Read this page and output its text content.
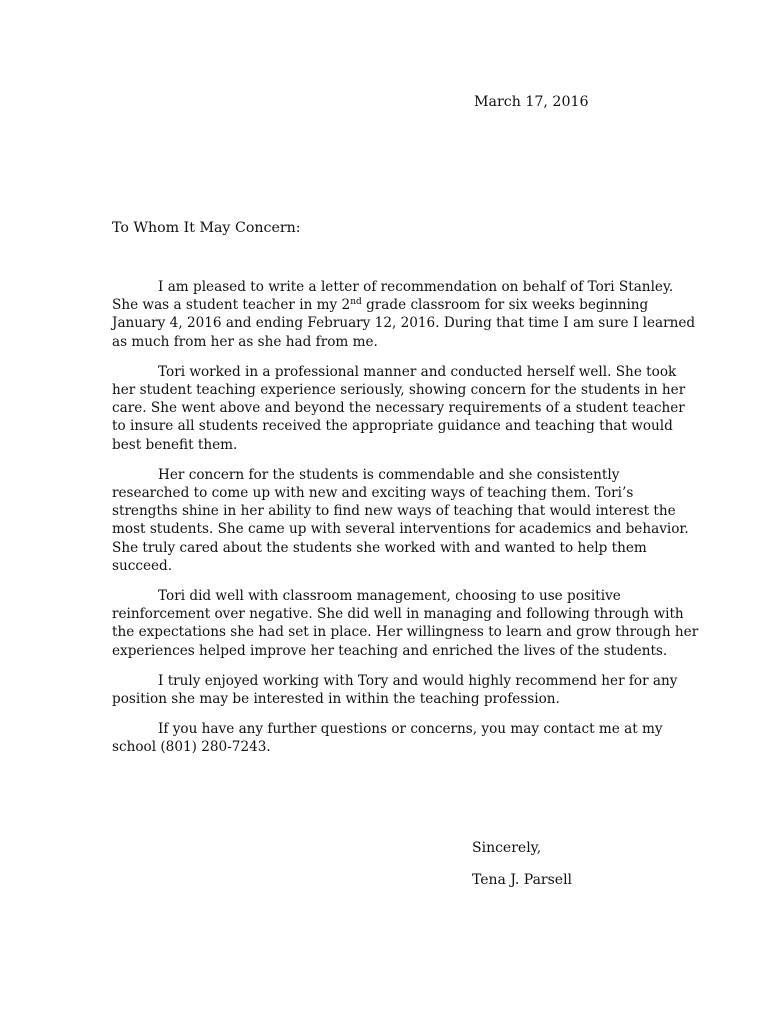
March 17, 2016
To Whom It May Concern:

I am pleased to write a letter of recommendation on behalf of Tori Stanley.
She was a student teacher in my 2nd grade classroom for six weeks beginning
January 4, 2016 and ending February 12, 2016. During that time I am sure I learned
as much from her as she had from me.

Tori worked in a professional manner and conducted herself well. She took
her student teaching experience seriously, showing concern for the students in her
care. She went above and beyond the necessary requirements of a student teacher
to insure all students received the appropriate guidance and teaching that would
best benefit them.

Her concern for the students is commendable and she consistently
researched to come up with new and exciting ways of teaching them. Tori’s
strengths shine in her ability to find new ways of teaching that would interest the
most students. She came up with several interventions for academics and behavior.
She truly cared about the students she worked with and wanted to help them
succeed.

Tori did well with classroom management, choosing to use positive
reinforcement over negative. She did well in managing and following through with
the expectations she had set in place. Her willingness to learn and grow through her
experiences helped improve her teaching and enriched the lives of the students.

I truly enjoyed working with Tory and would highly recommend her for any
position she may be interested in within the teaching profession.

If you have any further questions or concerns, you may contact me at my
school (801) 280-7243.

Sincerely,
Tena J. Parsell
